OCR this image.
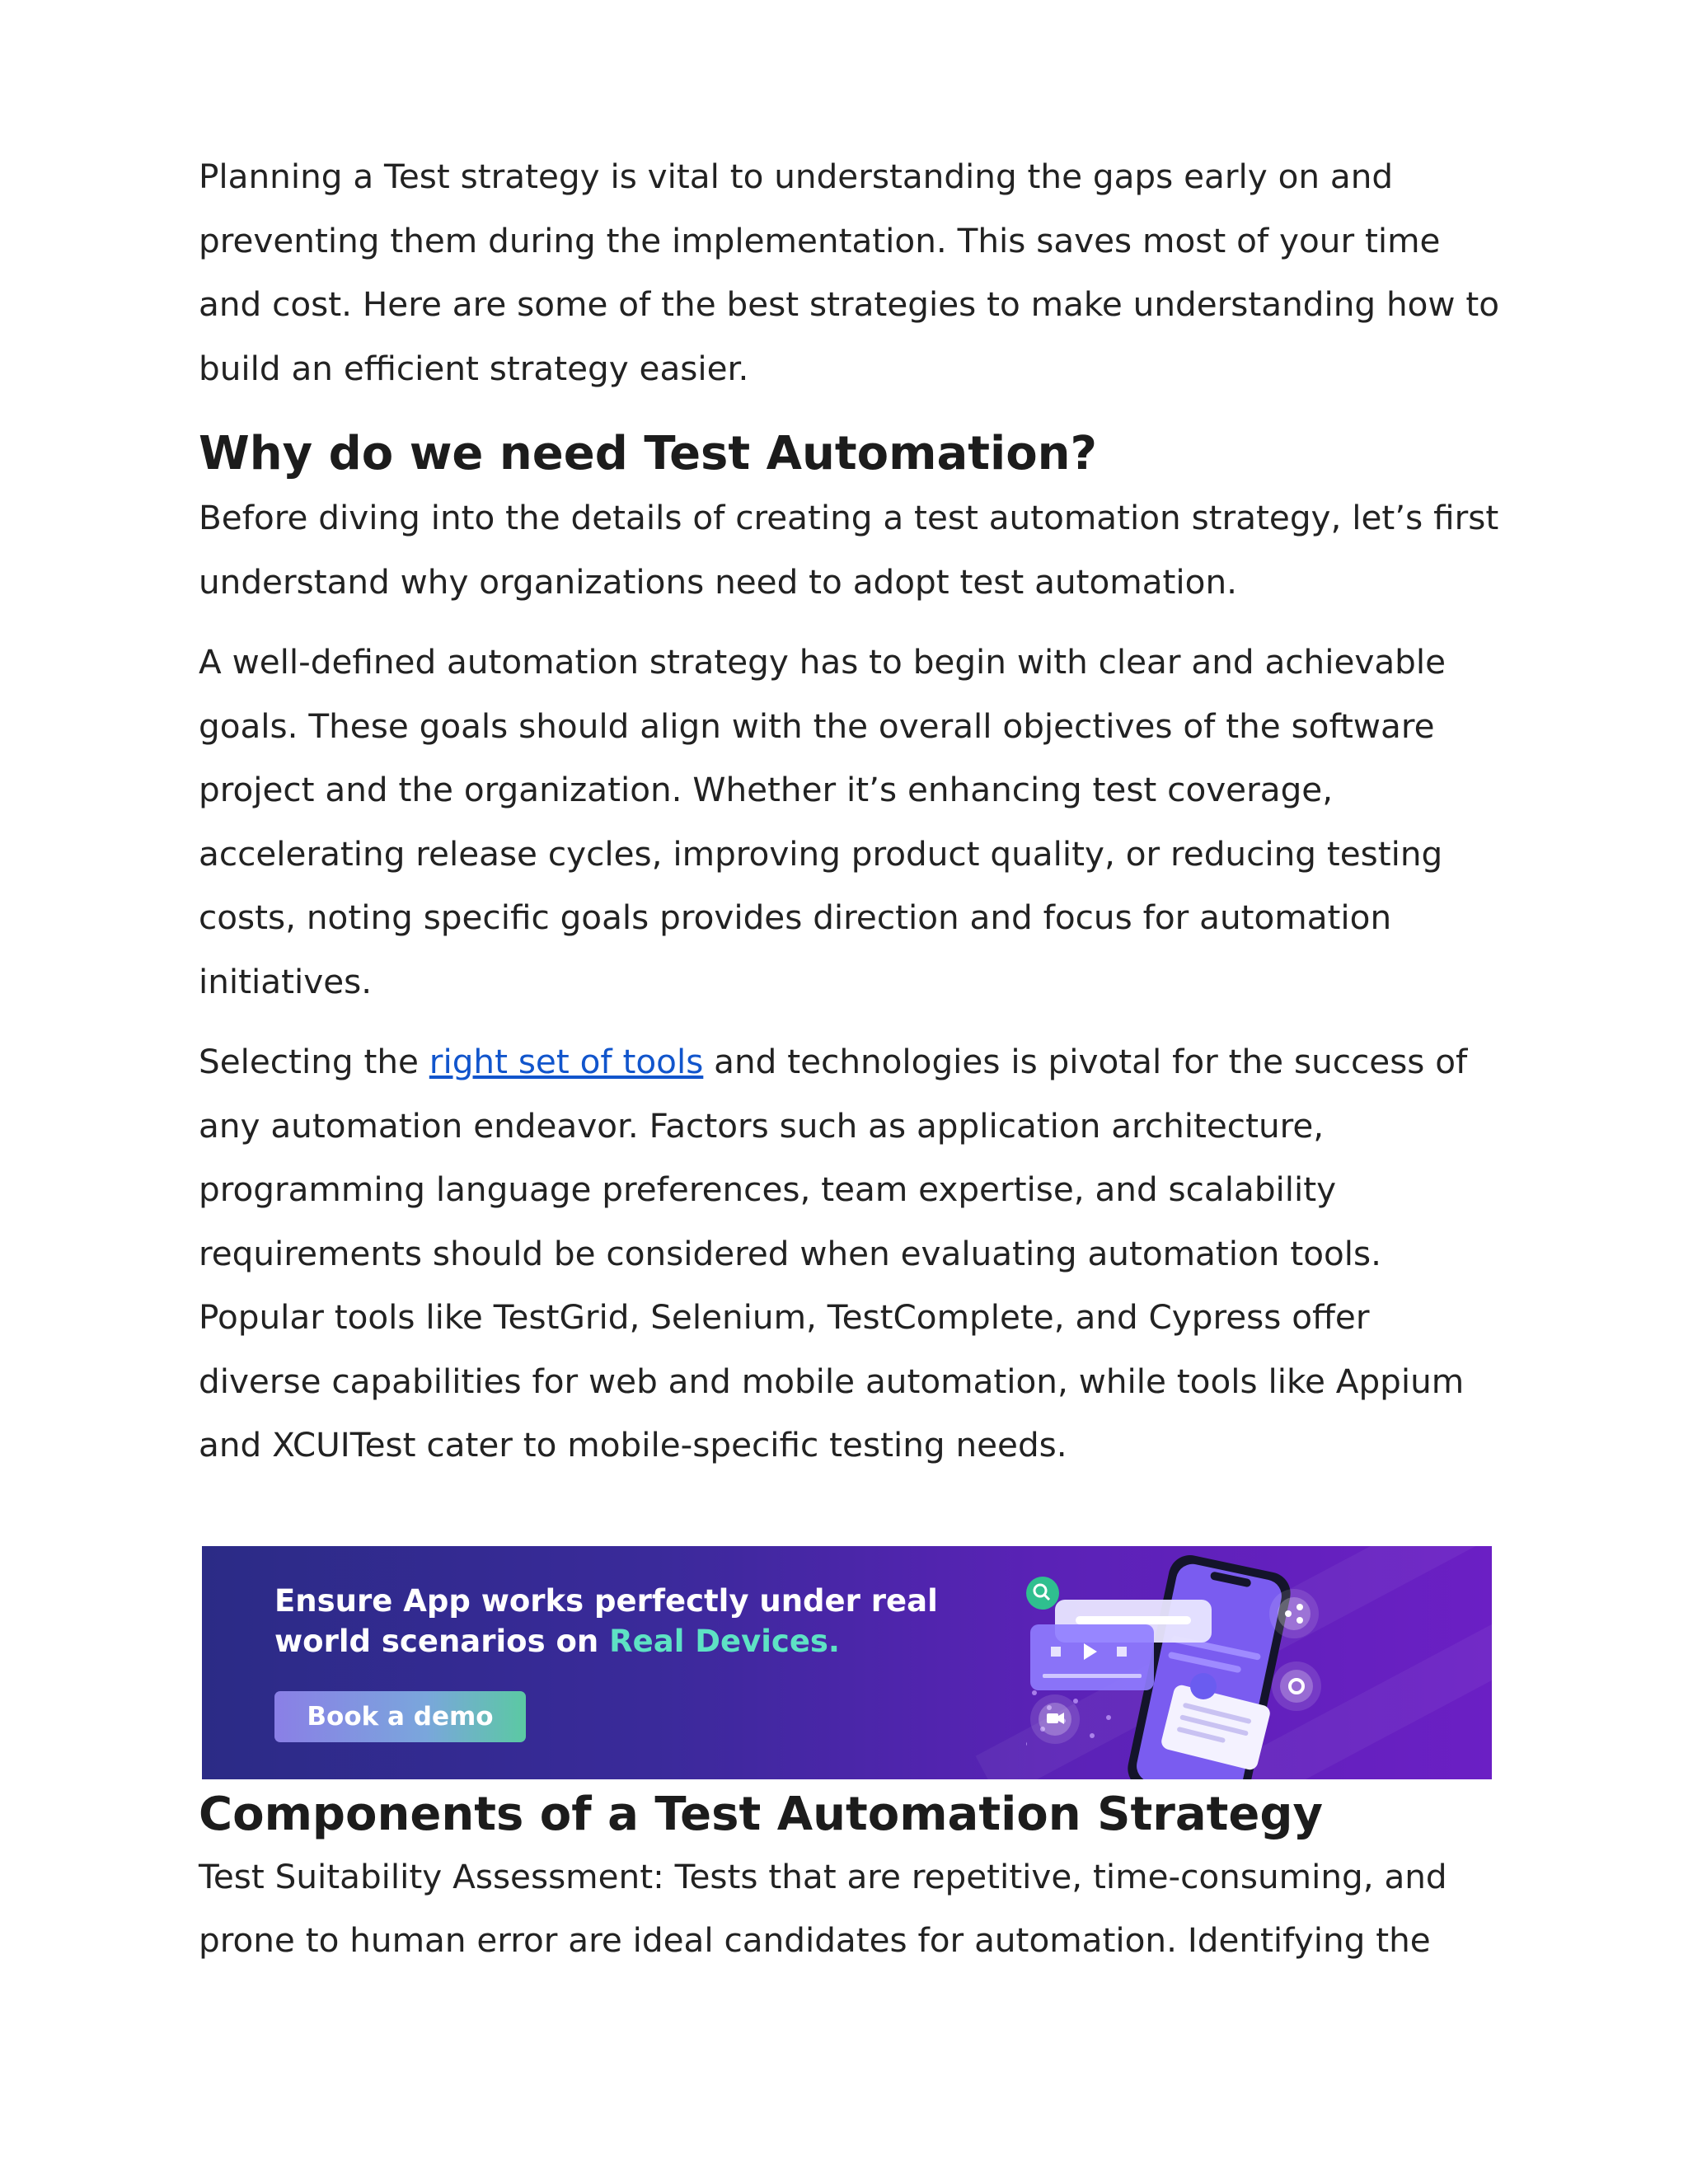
Planning a Test strategy is vital to understanding the gaps early on and preventing them during the implementation. This saves most of your time and cost. Here are some of the best strategies to make understanding how to build an efficient strategy easier.

Why do we need Test Automation?

Before diving into the details of creating a test automation strategy, let’s first understand why organizations need to adopt test automation.

A well-defined automation strategy has to begin with clear and achievable goals. These goals should align with the overall objectives of the software project and the organization. Whether it’s enhancing test coverage, accelerating release cycles, improving product quality, or reducing testing costs, noting specific goals provides direction and focus for automation initiatives.

Selecting the right set of tools and technologies is pivotal for the success of any automation endeavor. Factors such as application architecture, programming language preferences, team expertise, and scalability requirements should be considered when evaluating automation tools. Popular tools like TestGrid, Selenium, TestComplete, and Cypress offer diverse capabilities for web and mobile automation, while tools like Appium and XCUITest cater to mobile-specific testing needs.

Ensure App works perfectly under real
world scenarios on Real Devices.
Book a demo
Components of a Test Automation Strategy

Test Suitability Assessment: Tests that are repetitive, time-consuming, and prone to human error are ideal candidates for automation. Identifying the
